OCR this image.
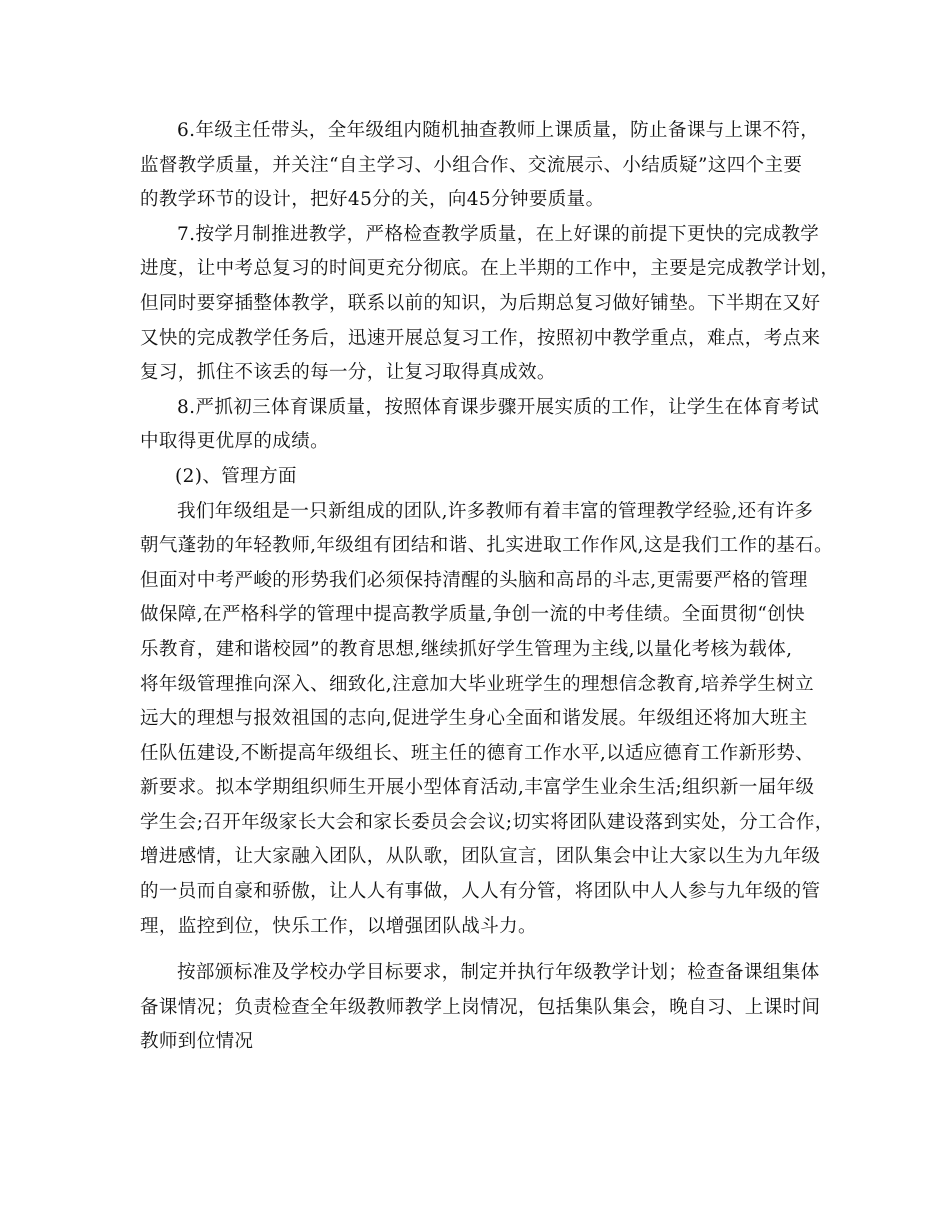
6.年级主任带头，全年级组内随机抽查教师上课质量，防止备课与上课不符，
监督教学质量，并关注“自主学习、小组合作、交流展示、小结质疑”这四个主要
的教学环节的设计，把好45分的关，向45分钟要质量。
7.按学月制推进教学，严格检查教学质量，在上好课的前提下更快的完成教学
进度，让中考总复习的时间更充分彻底。在上半期的工作中，主要是完成教学计划，
但同时要穿插整体教学，联系以前的知识，为后期总复习做好铺垫。下半期在又好
又快的完成教学任务后，迅速开展总复习工作，按照初中教学重点，难点，考点来
复习，抓住不该丢的每一分，让复习取得真成效。
8.严抓初三体育课质量，按照体育课步骤开展实质的工作，让学生在体育考试
中取得更优厚的成绩。
(2)、管理方面
我们年级组是一只新组成的团队,许多教师有着丰富的管理教学经验,还有许多
朝气蓬勃的年轻教师,年级组有团结和谐、扎实进取工作作风,这是我们工作的基石。
但面对中考严峻的形势我们必须保持清醒的头脑和高昂的斗志,更需要严格的管理
做保障,在严格科学的管理中提高教学质量,争创一流的中考佳绩。全面贯彻“创快
乐教育，建和谐校园”的教育思想,继续抓好学生管理为主线,以量化考核为载体,
将年级管理推向深入、细致化,注意加大毕业班学生的理想信念教育,培养学生树立
远大的理想与报效祖国的志向,促进学生身心全面和谐发展。年级组还将加大班主
任队伍建设,不断提高年级组长、班主任的德育工作水平,以适应德育工作新形势、
新要求。拟本学期组织师生开展小型体育活动,丰富学生业余生活;组织新一届年级
学生会;召开年级家长大会和家长委员会会议;切实将团队建设落到实处，分工合作，
增进感情，让大家融入团队，从队歌，团队宣言，团队集会中让大家以生为九年级
的一员而自豪和骄傲，让人人有事做，人人有分管，将团队中人人参与九年级的管
理，监控到位，快乐工作，以增强团队战斗力。
按部颁标准及学校办学目标要求，制定并执行年级教学计划；检查备课组集体
备课情况；负责检查全年级教师教学上岗情况，包括集队集会，晚自习、上课时间
教师到位情况
